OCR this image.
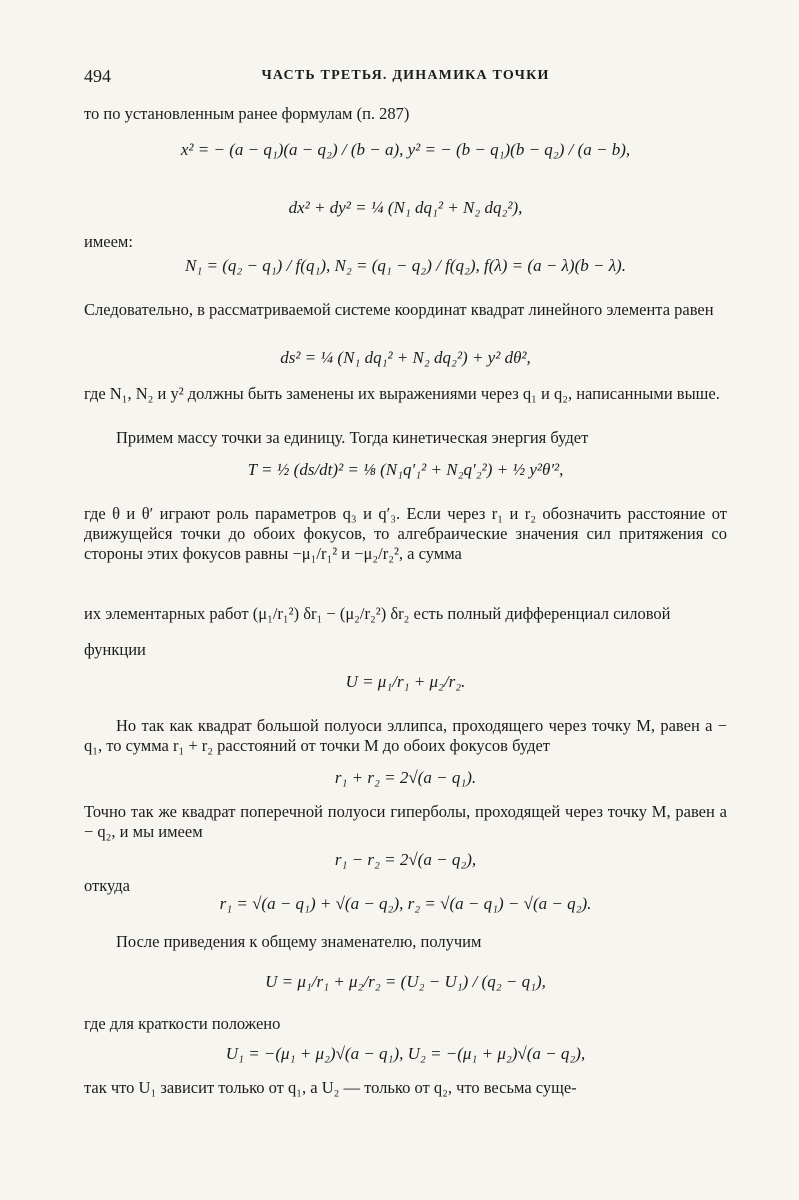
494	ЧАСТЬ ТРЕТЬЯ. ДИНАМИКА ТОЧКИ
то по установленным ранее формулам (п. 287)
x² = − (a − q₁)(a − q₂) / (b − a), y² = − (b − q₁)(b − q₂) / (a − b),
dx² + dy² = ¼ (N₁ dq₁² + N₂ dq₂²),
имеем:
N₁ = (q₂ − q₁) / f(q₁), N₂ = (q₁ − q₂) / f(q₂), f(λ) = (a − λ)(b − λ).
Следовательно, в рассматриваемой системе координат квадрат линейного элемента равен
ds² = ¼ (N₁ dq₁² + N₂ dq₂²) + y² dθ²,
где N₁, N₂ и y² должны быть заменены их выражениями через q₁ и q₂, написанными выше.
Примем массу точки за единицу. Тогда кинетическая энергия будет
T = ½ (ds/dt)² = ⅛ (N₁q′₁² + N₂q′₂²) + ½ y²θ′²,
где θ и θ′ играют роль параметров q₃ и q′₃. Если через r₁ и r₂ обозначить расстояние от движущейся точки до обоих фокусов, то алгебраические значения сил притяжения со стороны этих фокусов равны −μ₁/r₁² и −μ₂/r₂², а сумма
их элементарных работ (μ₁/r₁²) δr₁ − (μ₂/r₂²) δr₂ есть полный дифференциал силовой
функции
U = μ₁/r₁ + μ₂/r₂.
Но так как квадрат большой полуоси эллипса, проходящего через точку M, равен a − q₁, то сумма r₁ + r₂ расстояний от точки M до обоих фокусов будет
r₁ + r₂ = 2√(a − q₁).
Точно так же квадрат поперечной полуоси гиперболы, проходящей через точку M, равен a − q₂, и мы имеем
r₁ − r₂ = 2√(a − q₂),
откуда
r₁ = √(a − q₁) + √(a − q₂), r₂ = √(a − q₁) − √(a − q₂).
После приведения к общему знаменателю, получим
U = μ₁/r₁ + μ₂/r₂ = (U₂ − U₁) / (q₂ − q₁),
где для краткости положено
U₁ = −(μ₁ + μ₂)√(a − q₁), U₂ = −(μ₁ + μ₂)√(a − q₂),
так что U₁ зависит только от q₁, а U₂ — только от q₂, что весьма суще-
